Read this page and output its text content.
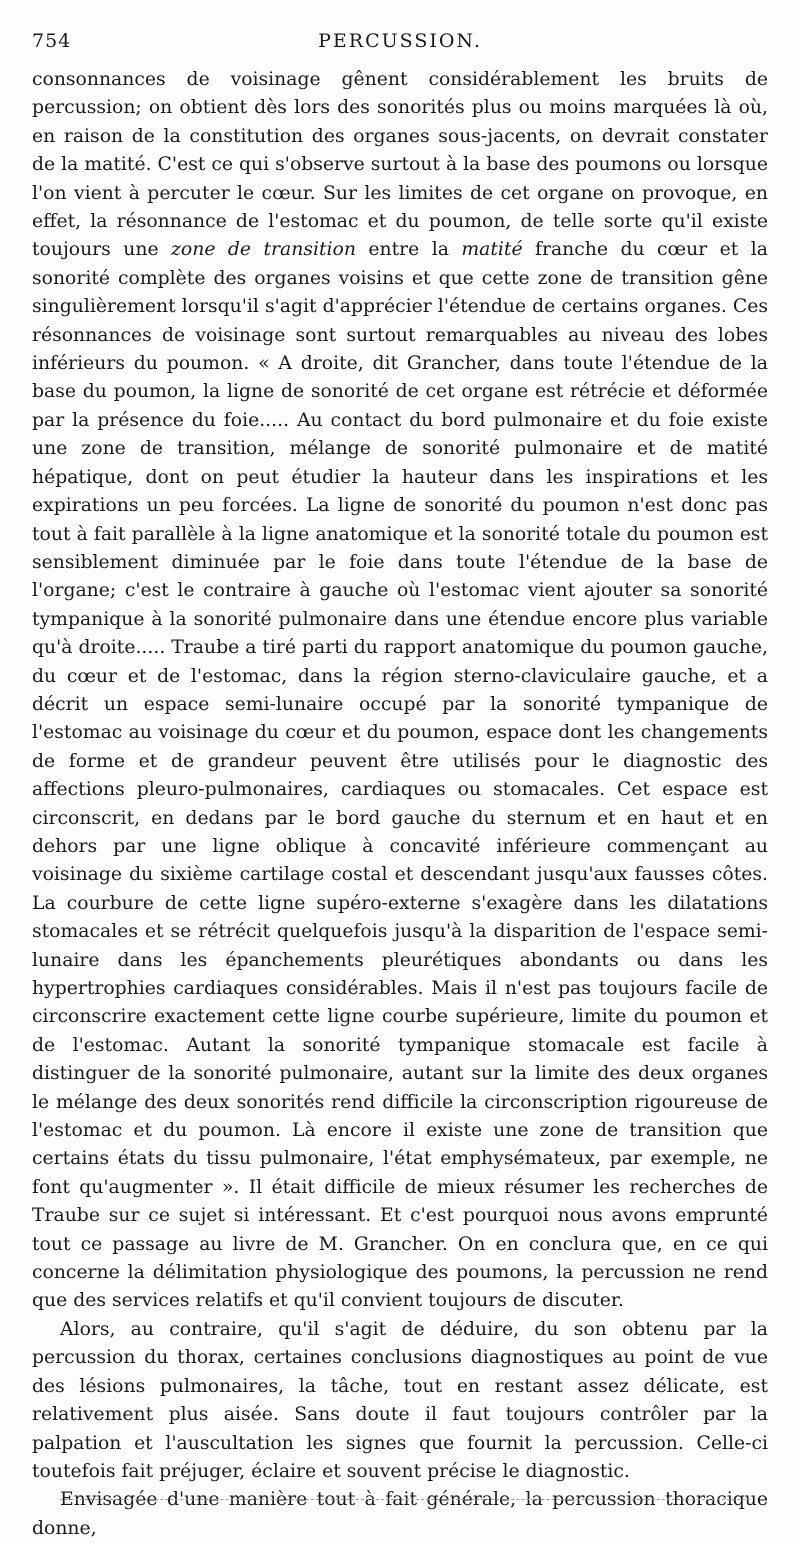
754	PERCUSSION.

consonnances de voisinage gênent considérablement les bruits de percussion; on obtient dès lors des sonorités plus ou moins marquées là où, en raison de la constitution des organes sous-jacents, on devrait constater de la matité. C'est ce qui s'observe surtout à la base des poumons ou lorsque l'on vient à percuter le cœur. Sur les limites de cet organe on provoque, en effet, la résonnance de l'estomac et du poumon, de telle sorte qu'il existe toujours une zone de transition entre la matité franche du cœur et la sonorité complète des organes voisins et que cette zone de transition gêne singulièrement lorsqu'il s'agit d'apprécier l'étendue de certains organes. Ces résonnances de voisinage sont surtout remarquables au niveau des lobes inférieurs du poumon. « A droite, dit Grancher, dans toute l'étendue de la base du poumon, la ligne de sonorité de cet organe est rétrécie et déformée par la présence du foie..... Au contact du bord pulmonaire et du foie existe une zone de transition, mélange de sonorité pulmonaire et de matité hépatique, dont on peut étudier la hauteur dans les inspirations et les expirations un peu forcées. La ligne de sonorité du poumon n'est donc pas tout à fait parallèle à la ligne anatomique et la sonorité totale du poumon est sensiblement diminuée par le foie dans toute l'étendue de la base de l'organe; c'est le contraire à gauche où l'estomac vient ajouter sa sonorité tympanique à la sonorité pulmonaire dans une étendue encore plus variable qu'à droite..... Traube a tiré parti du rapport anatomique du poumon gauche, du cœur et de l'estomac, dans la région sterno-claviculaire gauche, et a décrit un espace semi-lunaire occupé par la sonorité tympanique de l'estomac au voisinage du cœur et du poumon, espace dont les changements de forme et de grandeur peuvent être utilisés pour le diagnostic des affections pleuro-pulmonaires, cardiaques ou stomacales. Cet espace est circonscrit, en dedans par le bord gauche du sternum et en haut et en dehors par une ligne oblique à concavité inférieure commençant au voisinage du sixième cartilage costal et descendant jusqu'aux fausses côtes. La courbure de cette ligne supéro-externe s'exagère dans les dilatations stomacales et se rétrécit quelquefois jusqu'à la disparition de l'espace semi-lunaire dans les épanchements pleurétiques abondants ou dans les hypertrophies cardiaques considérables. Mais il n'est pas toujours facile de circonscrire exactement cette ligne courbe supérieure, limite du poumon et de l'estomac. Autant la sonorité tympanique stomacale est facile à distinguer de la sonorité pulmonaire, autant sur la limite des deux organes le mélange des deux sonorités rend difficile la circonscription rigoureuse de l'estomac et du poumon. Là encore il existe une zone de transition que certains états du tissu pulmonaire, l'état emphysémateux, par exemple, ne font qu'augmenter ». Il était difficile de mieux résumer les recherches de Traube sur ce sujet si intéressant. Et c'est pourquoi nous avons emprunté tout ce passage au livre de M. Grancher. On en conclura que, en ce qui concerne la délimitation physiologique des poumons, la percussion ne rend que des services relatifs et qu'il convient toujours de discuter.

Alors, au contraire, qu'il s'agit de déduire, du son obtenu par la percussion du thorax, certaines conclusions diagnostiques au point de vue des lésions pulmonaires, la tâche, tout en restant assez délicate, est relativement plus aisée. Sans doute il faut toujours contrôler par la palpation et l'auscultation les signes que fournit la percussion. Celle-ci toutefois fait préjuger, éclaire et souvent précise le diagnostic.

Envisagée d'une manière tout à fait générale, la percussion thoracique donne,
